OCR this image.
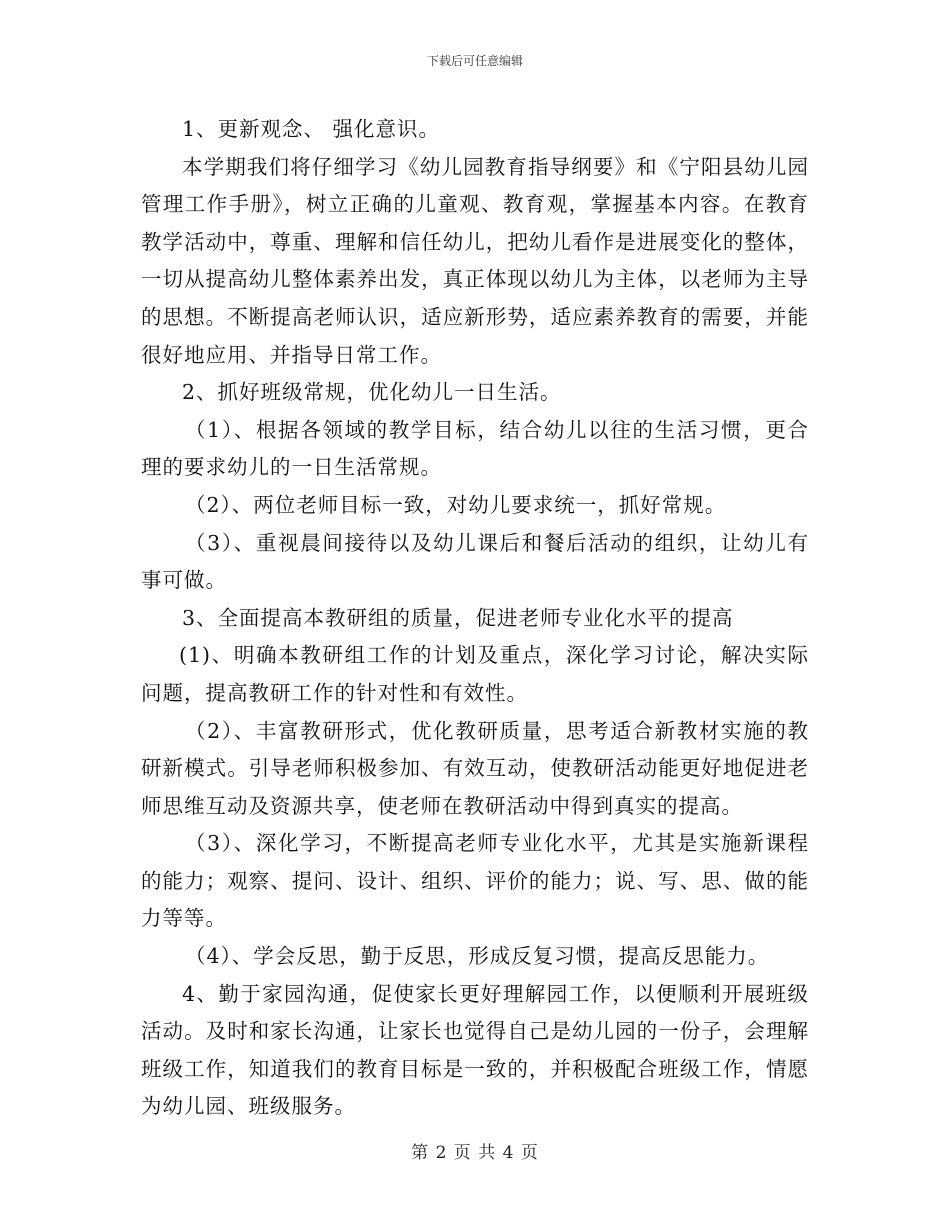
下载后可任意编辑

1、更新观念、 强化意识。

本学期我们将仔细学习《幼儿园教育指导纲要》和《宁阳县幼儿园管理工作手册》，树立正确的儿童观、教育观，掌握基本内容。在教育教学活动中，尊重、理解和信任幼儿，把幼儿看作是进展变化的整体，一切从提高幼儿整体素养出发，真正体现以幼儿为主体，以老师为主导的思想。不断提高老师认识，适应新形势，适应素养教育的需要，并能很好地应用、并指导日常工作。

2、抓好班级常规，优化幼儿一日生活。

（1）、根据各领域的教学目标，结合幼儿以往的生活习惯，更合理的要求幼儿的一日生活常规。

（2）、两位老师目标一致，对幼儿要求统一，抓好常规。

（3）、重视晨间接待以及幼儿课后和餐后活动的组织，让幼儿有事可做。

3、全面提高本教研组的质量，促进老师专业化水平的提高

(1)、明确本教研组工作的计划及重点，深化学习讨论，解决实际问题，提高教研工作的针对性和有效性。

（2）、丰富教研形式，优化教研质量，思考适合新教材实施的教研新模式。引导老师积极参加、有效互动，使教研活动能更好地促进老师思维互动及资源共享，使老师在教研活动中得到真实的提高。

（3）、深化学习，不断提高老师专业化水平，尤其是实施新课程的能力；观察、提问、设计、组织、评价的能力；说、写、思、做的能力等等。

（4）、学会反思，勤于反思，形成反复习惯，提高反思能力。

4、勤于家园沟通，促使家长更好理解园工作，以便顺利开展班级活动。及时和家长沟通，让家长也觉得自己是幼儿园的一份子，会理解班级工作，知道我们的教育目标是一致的，并积极配合班级工作，情愿为幼儿园、班级服务。

第 2 页 共 4 页
